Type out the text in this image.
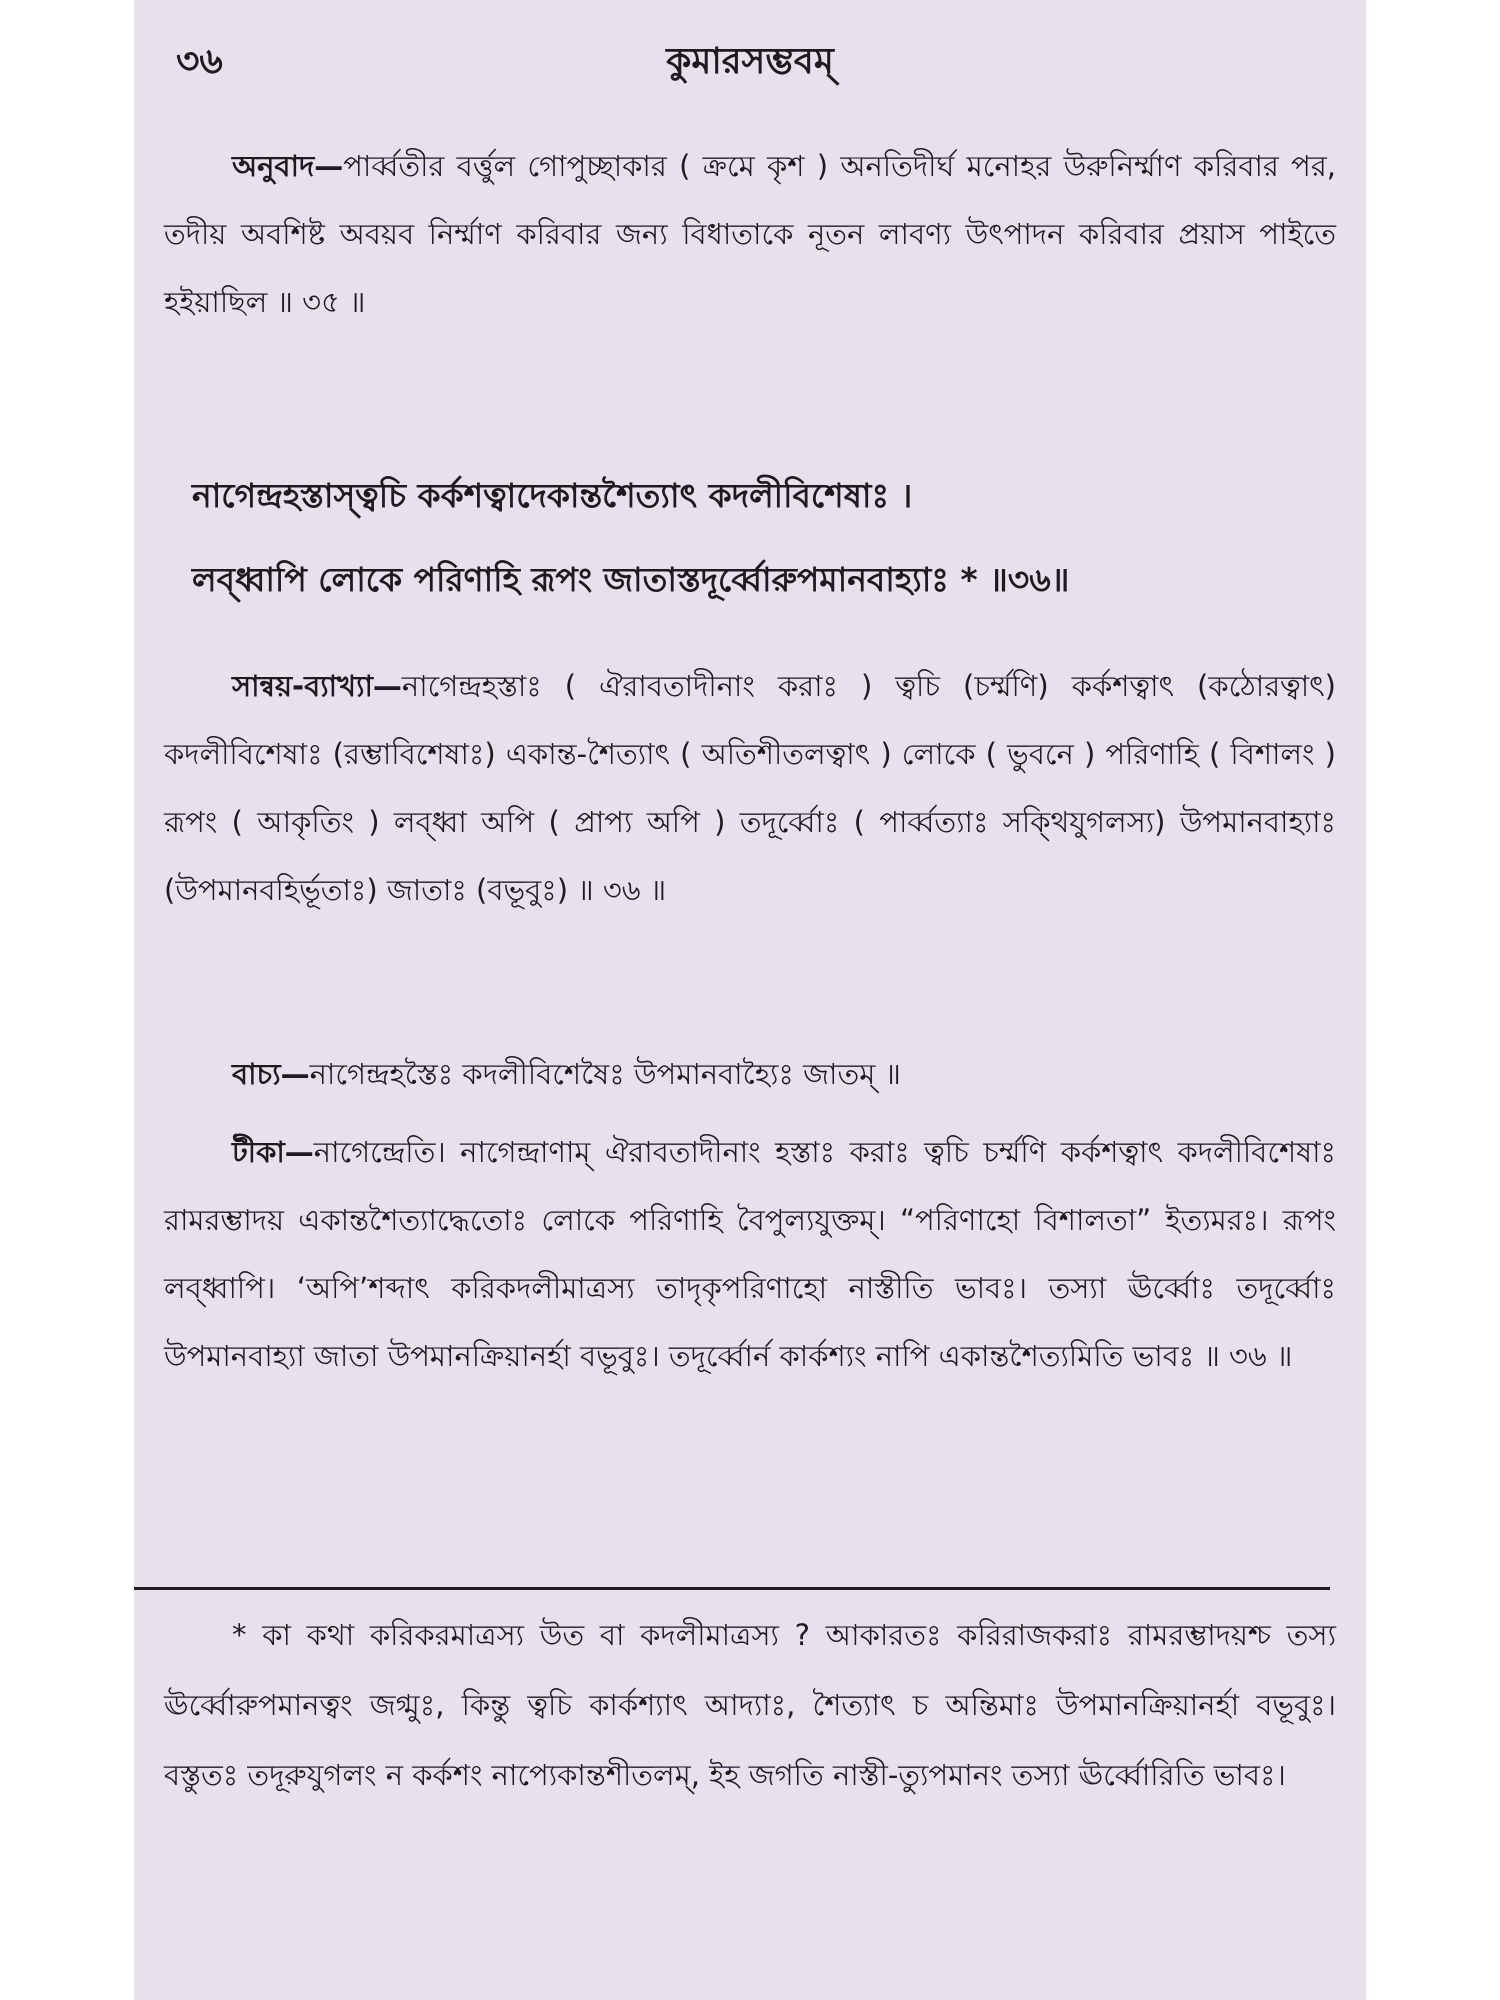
৩৬	কুমারসম্ভবম্

অনুবাদ—পার্ব্বতীর বর্ত্তুল গোপুচ্ছাকার ( ক্রমে কৃশ ) অনতিদীর্ঘ মনোহর উরুনির্ম্মাণ করিবার পর, তদীয় অবশিষ্ট অবয়ব নির্ম্মাণ করিবার জন্য বিধাতাকে নূতন লাবণ্য উৎপাদন করিবার প্রয়াস পাইতে হইয়াছিল ॥ ৩৫ ॥

নাগেন্দ্রহস্তাস্ত্বচি কর্কশত্বাদেকান্তশৈত্যাৎ কদলীবিশেষাঃ ।
লব্ধ্বাপি লোকে পরিণাহি রূপং জাতাস্তদূর্ব্বোরুপমানবাহ্যাঃ * ॥৩৬॥

সান্বয়-ব্যাখ্যা—নাগেন্দ্রহস্তাঃ ( ঐরাবতাদীনাং করাঃ ) ত্বচি (চর্ম্মণি) কর্কশত্বাৎ (কঠোরত্বাৎ) কদলীবিশেষাঃ (রম্ভাবিশেষাঃ) একান্ত-শৈত্যাৎ ( অতিশীতলত্বাৎ ) লোকে ( ভুবনে ) পরিণাহি ( বিশালং ) রূপং ( আকৃতিং ) লব্ধ্বা অপি ( প্রাপ্য অপি ) তদূর্ব্বোঃ ( পার্ব্বত্যাঃ সক্থিযুগলস্য) উপমানবাহ্যাঃ (উপমানবহির্ভূতাঃ) জাতাঃ (বভূবুঃ) ॥ ৩৬ ॥

বাচ্য—নাগেন্দ্রহস্তৈঃ কদলীবিশেষৈঃ উপমানবাহ্যৈঃ জাতম্ ॥

টীকা—নাগেন্দ্রেতি। নাগেন্দ্রাণাম্ ঐরাবতাদীনাং হস্তাঃ করাঃ ত্বচি চর্ম্মণি কর্কশত্বাৎ কদলীবিশেষাঃ রামরম্ভাদয় একান্তশৈত্যাদ্ধেতোঃ লোকে পরিণাহি বৈপুল্যযুক্তম্। “পরিণাহো বিশালতা” ইত্যমরঃ। রূপং লব্ধ্বাপি। ‘অপি’শব্দাৎ করিকদলীমাত্রস্য তাদৃকৃপরিণাহো নাস্তীতি ভাবঃ। তস্যা ঊর্ব্বোঃ তদূর্ব্বোঃ উপমানবাহ্যা জাতা উপমানক্রিয়ানর্হা বভূবুঃ। তদূর্ব্বোর্ন কার্কশ্যং নাপি একান্তশৈত্যমিতি ভাবঃ ॥ ৩৬ ॥

* কা কথা করিকরমাত্রস্য উত বা কদলীমাত্রস্য ? আকারতঃ করিরাজকরাঃ রামরম্ভাদয়শ্চ তস্য ঊর্ব্বোরুপমানত্বং জগ্মুঃ, কিন্তু ত্বচি কার্কশ্যাৎ আদ্যাঃ, শৈত্যাৎ চ অন্তিমাঃ উপমানক্রিয়ানর্হা বভূবুঃ। বস্তুতঃ তদূরুযুগলং ন কর্কশং নাপ্যেকান্তশীতলম্, ইহ জগতি নাস্তী-ত্যুপমানং তস্যা ঊর্ব্বোরিতি ভাবঃ।
